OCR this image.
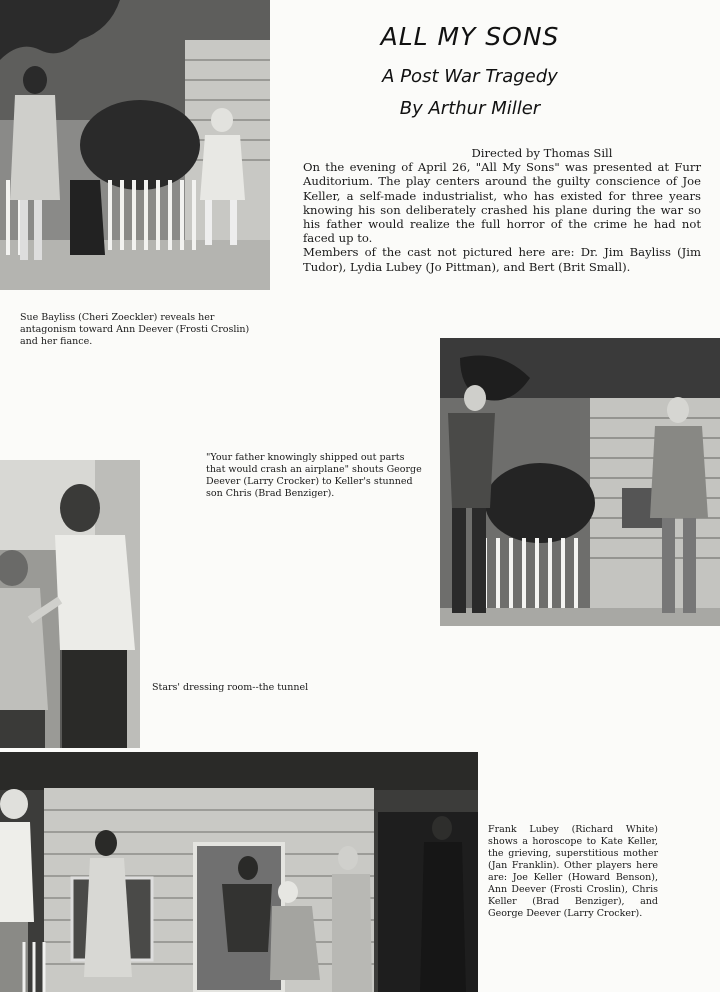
ALL MY SONS
A Post War Tragedy
By Arthur Miller
Directed by Thomas Sill

On the evening of April 26, "All My Sons" was presented at Furr Auditorium. The play centers around the guilty conscience of Joe Keller, a self-made industrialist, who has existed for three years knowing his son deliberately crashed his plane during the war so his father would realize the full horror of the crime he had not faced up to.

Members of the cast not pictured here are: Dr. Jim Bayliss (Jim Tudor), Lydia Lubey (Jo Pittman), and Bert (Brit Small).

Sue Bayliss (Cheri Zoeckler) reveals her antagonism toward Ann Deever (Frosti Croslin) and her fiance.
"Your father knowingly shipped out parts that would crash an airplane" shouts George Deever (Larry Crocker) to Keller's stunned son Chris (Brad Benziger).
Stars' dressing room--the tunnel
Frank Lubey (Richard White) shows a horoscope to Kate Keller, the grieving, superstitious mother (Jan Franklin). Other players here are: Joe Keller (Howard Benson), Ann Deever (Frosti Croslin), Chris Keller (Brad Benziger), and George Deever (Larry Crocker).
